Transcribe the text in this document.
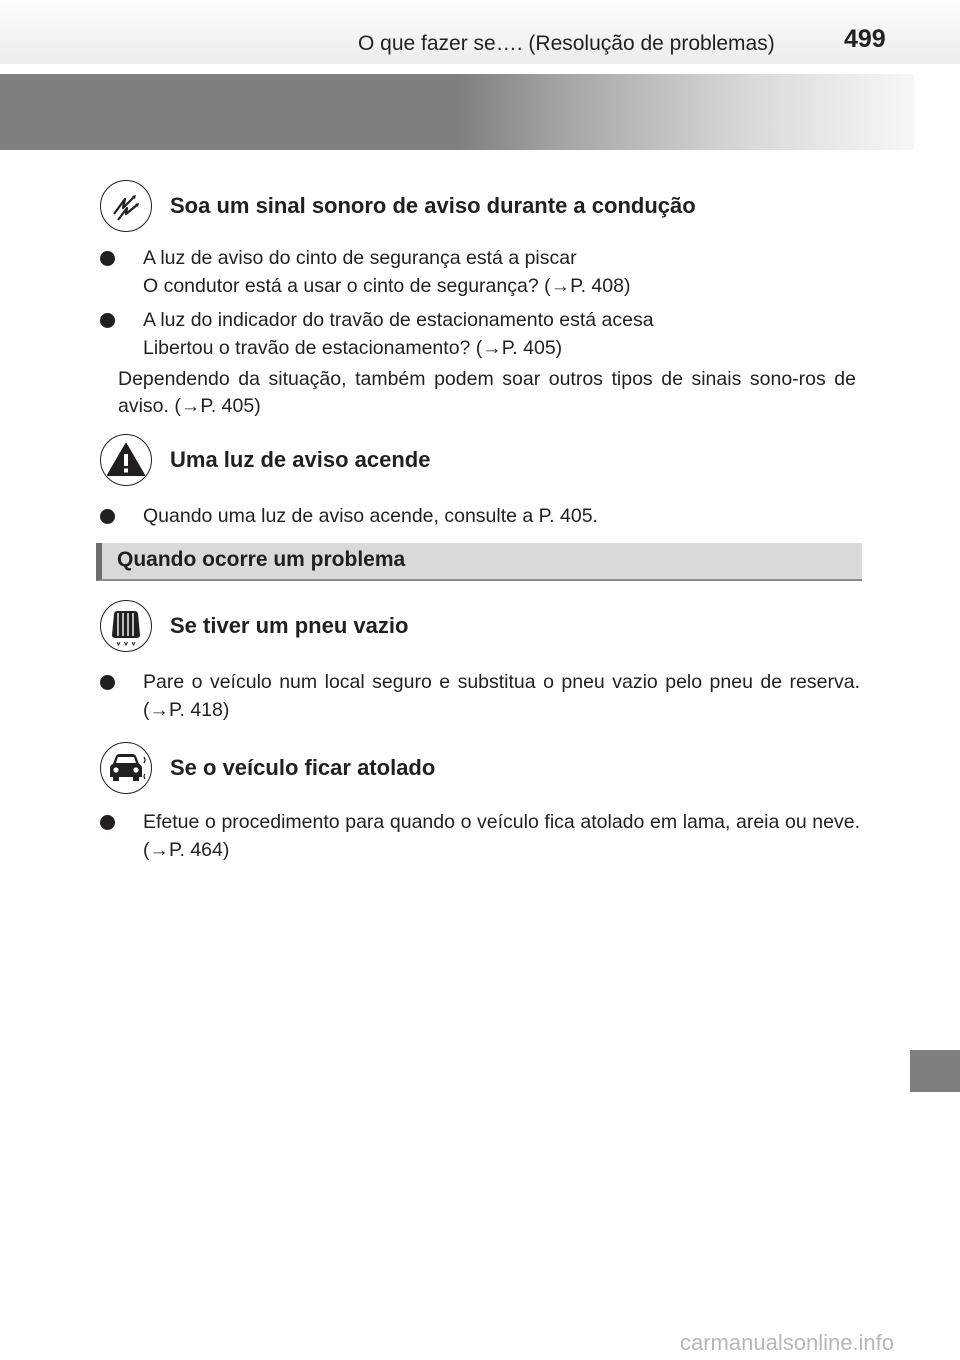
O que fazer se…. (Resolução de problemas)	499
Soa um sinal sonoro de aviso durante a condução
A luz de aviso do cinto de segurança está a piscar
O condutor está a usar o cinto de segurança? (→P. 408)
A luz do indicador do travão de estacionamento está acesa
Libertou o travão de estacionamento? (→P. 405)
Dependendo da situação, também podem soar outros tipos de sinais sono-ros de aviso. (→P. 405)
Uma luz de aviso acende
Quando uma luz de aviso acende, consulte a P. 405.
Quando ocorre um problema
Se tiver um pneu vazio
Pare o veículo num local seguro e substitua o pneu vazio pelo pneu de reserva. (→P. 418)
Se o veículo ficar atolado
Efetue o procedimento para quando o veículo fica atolado em lama, areia ou neve. (→P. 464)
carmanualsonline.info
